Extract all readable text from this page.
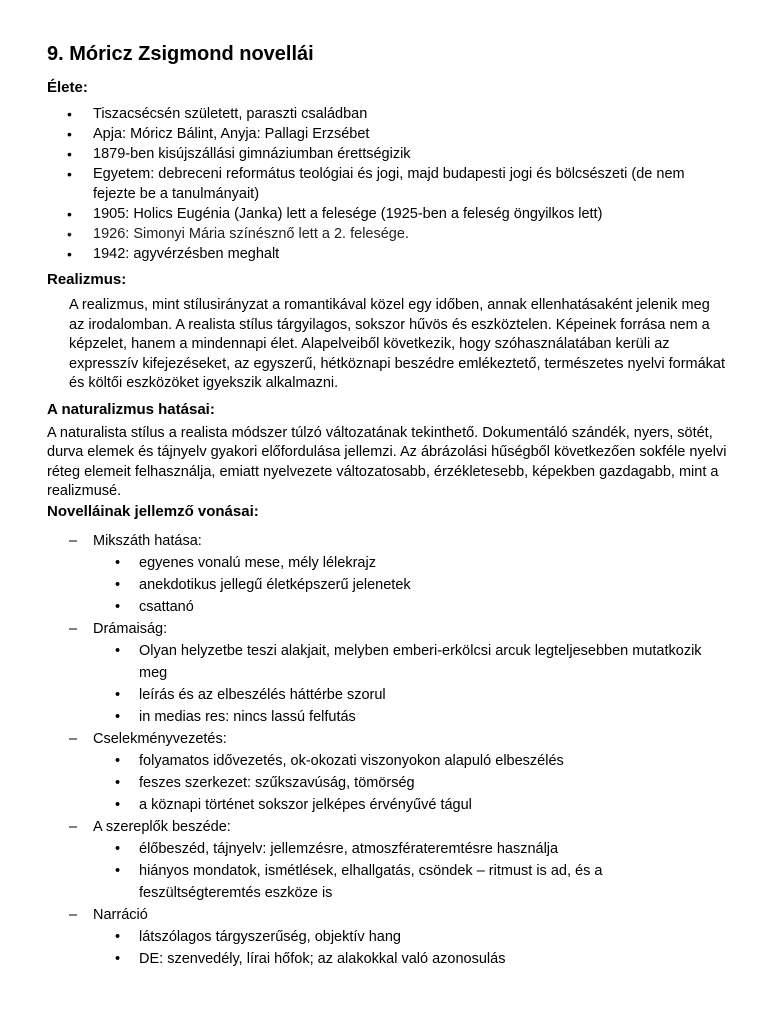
9. Móricz Zsigmond novellái
Élete:
• Tiszacsécsén született, paraszti családban
• Apja: Móricz Bálint, Anyja: Pallagi Erzsébet
• 1879-ben kisújszállási gimnáziumban érettségizik
• Egyetem: debreceni református teológiai és jogi, majd budapesti jogi és bölcsészeti (de nem fejezte be a tanulmányait)
• 1905: Holics Eugénia (Janka) lett a felesége (1925-ben a feleség öngyilkos lett)
• 1926: Simonyi Mária színésznő lett a 2. felesége.
• 1942: agyvérzésben meghalt
Realizmus:

A realizmus, mint stílusirányzat a romantikával közel egy időben, annak ellenhatásaként jelenik meg az irodalomban. A realista stílus tárgyilagos, sokszor hűvös és eszköztelen. Képeinek forrása nem a képzelet, hanem a mindennapi élet. Alapelveiből következik, hogy szóhasználatában kerüli az expresszív kifejezéseket, az egyszerű, hétköznapi beszédre emlékeztető, természetes nyelvi formákat és költői eszközöket igyekszik alkalmazni.

A naturalizmus hatásai:

A naturalista stílus a realista módszer túlzó változatának tekinthető. Dokumentáló szándék, nyers, sötét, durva elemek és tájnyelv gyakori előfordulása jellemzi. Az ábrázolási hűségből következően sokféle nyelvi réteg elemeit felhasználja, emiatt nyelvezete változatosabb, érzékletesebb, képekben gazdagabb, mint a realizmusé.

Novelláinak jellemző vonásai:
– Mikszáth hatása:
• egyenes vonalú mese, mély lélekrajz
• anekdotikus jellegű életképszerű jelenetek
• csattanó
– Drámaiság:
• Olyan helyzetbe teszi alakjait, melyben emberi-erkölcsi arcuk legteljesebben mutatkozik meg
• leírás és az elbeszélés háttérbe szorul
• in medias res: nincs lassú felfutás
– Cselekményvezetés:
• folyamatos idővezetés, ok-okozati viszonyokon alapuló elbeszélés
• feszes szerkezet: szűkszavúság, tömörség
• a köznapi történet sokszor jelképes érvényűvé tágul
– A szereplők beszéde:
• élőbeszéd, tájnyelv: jellemzésre, atmoszférateremtésre használja
• hiányos mondatok, ismétlések, elhallgatás, csöndek – ritmust is ad, és a feszültségteremtés eszköze is
– Narráció
• látszólagos tárgyszerűség, objektív hang
• DE: szenvedély, lírai hőfok; az alakokkal való azonosulás
